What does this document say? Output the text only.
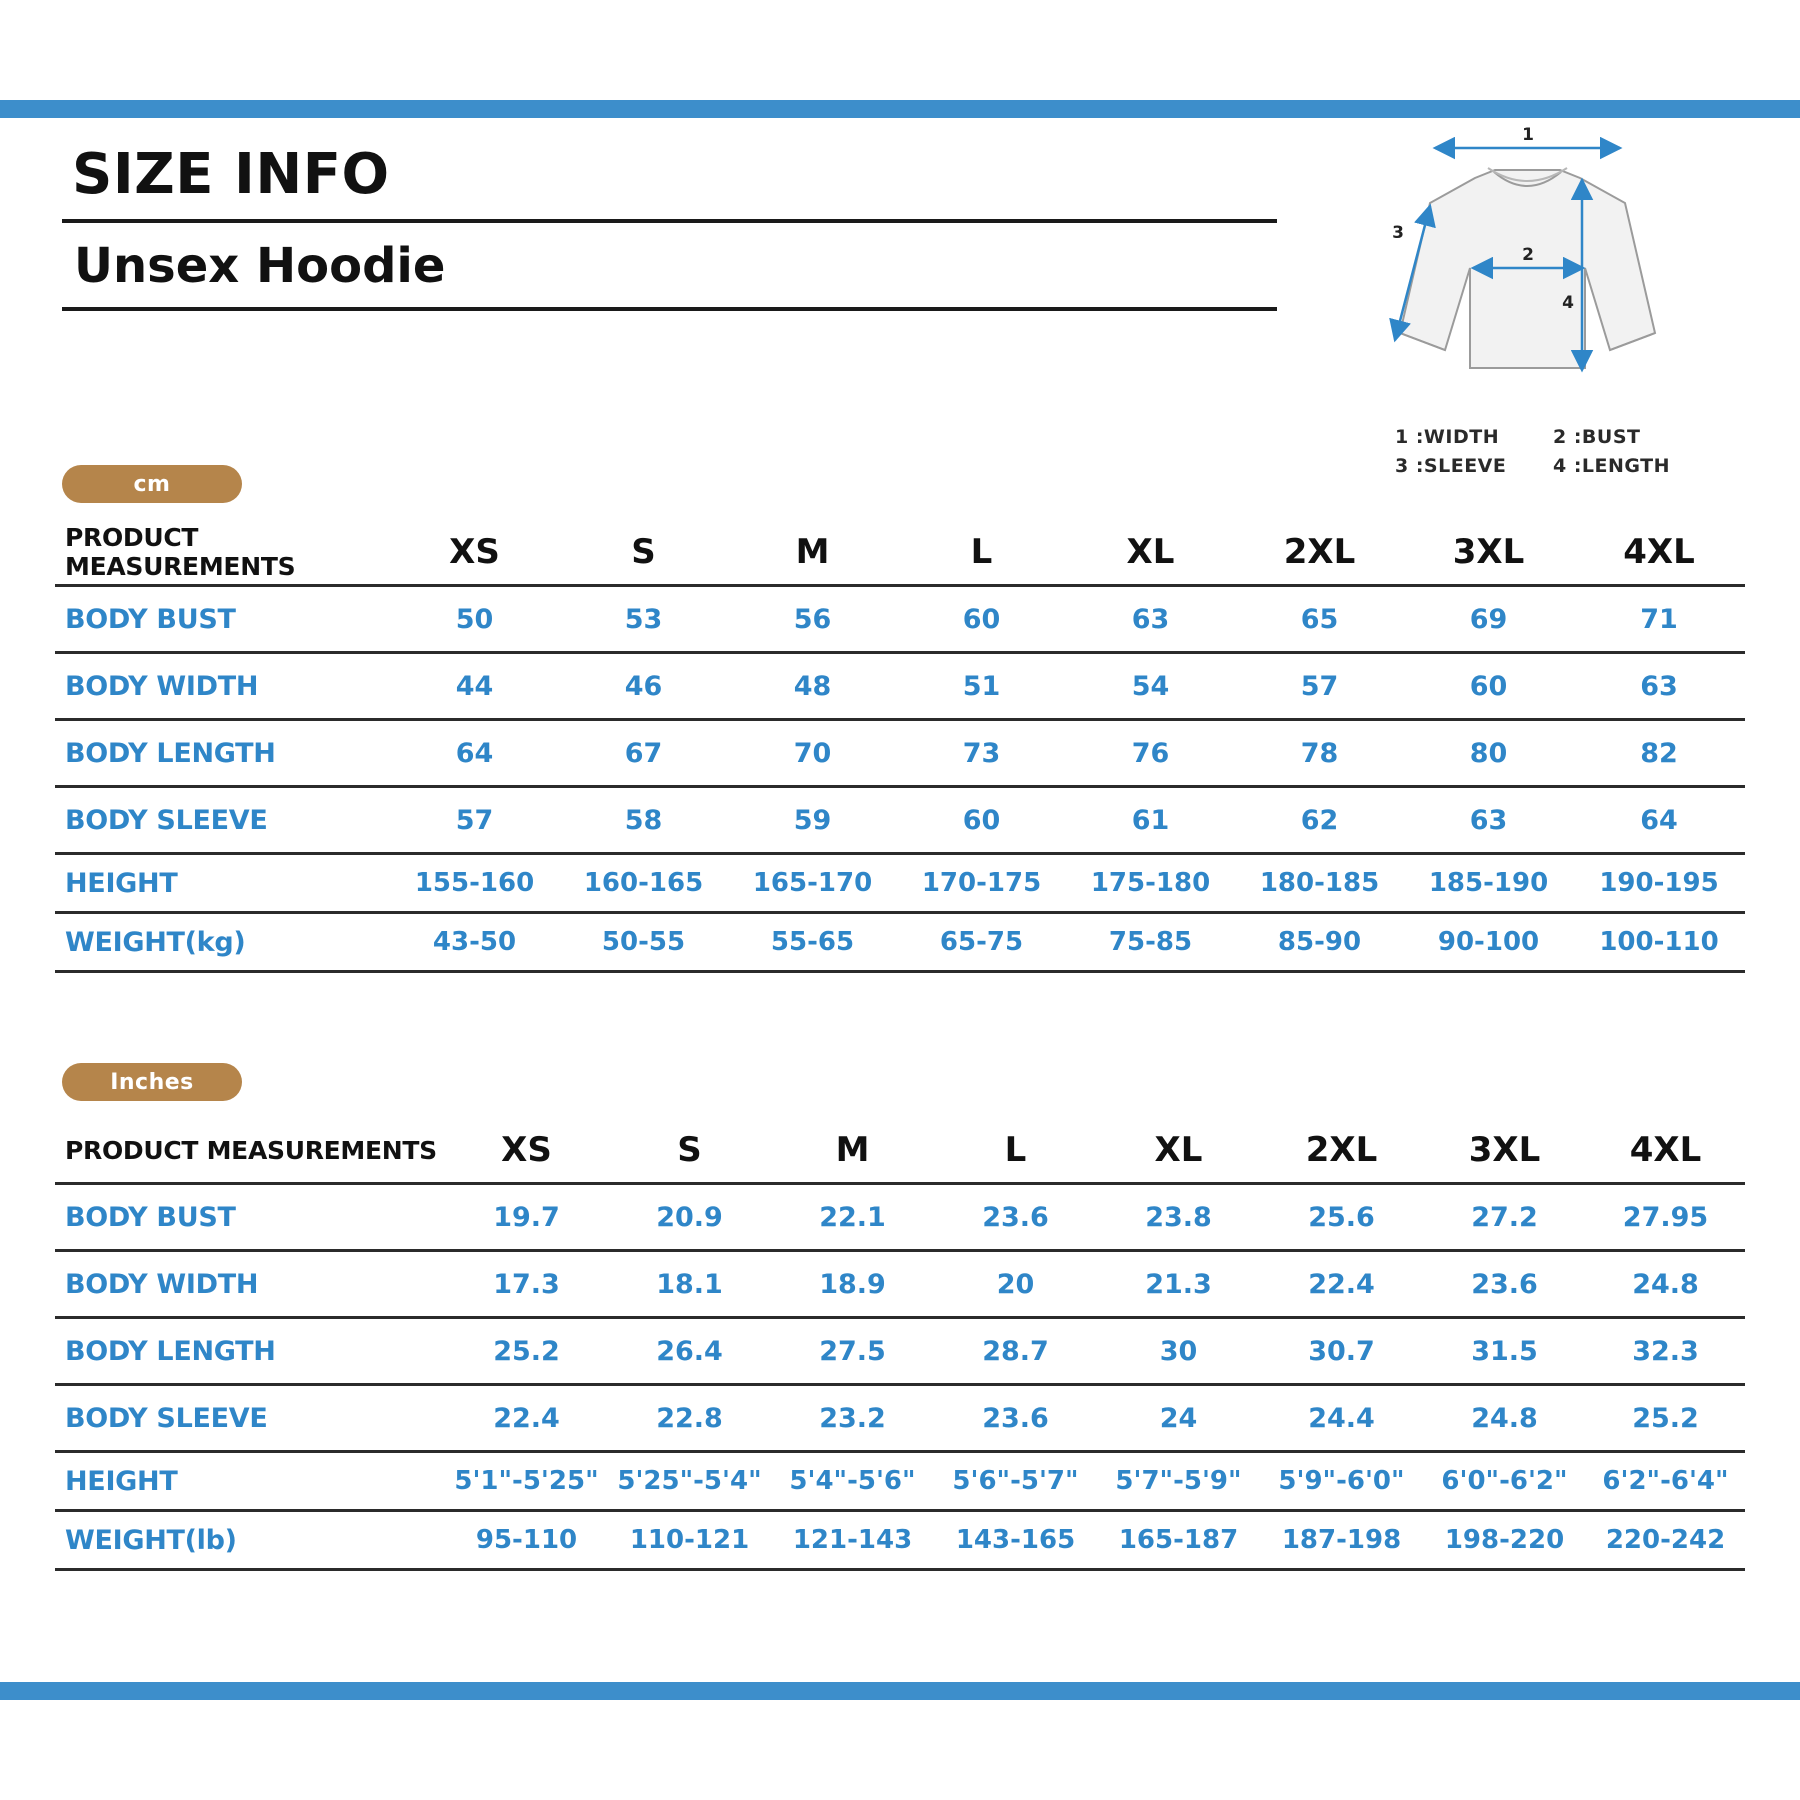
SIZE INFO
Unsex Hoodie
1
2
3
4
1 :WIDTH	2 :BUST
3 :SLEEVE	4 :LENGTH
cm
PRODUCT MEASUREMENTS	XS	S	M	L	XL	2XL	3XL	4XL
BODY BUST	50	53	56	60	63	65	69	71
BODY WIDTH	44	46	48	51	54	57	60	63
BODY LENGTH	64	67	70	73	76	78	80	82
BODY SLEEVE	57	58	59	60	61	62	63	64
HEIGHT	155-160	160-165	165-170	170-175	175-180	180-185	185-190	190-195
WEIGHT(kg)	43-50	50-55	55-65	65-75	75-85	85-90	90-100	100-110
Inches
PRODUCT MEASUREMENTS	XS	S	M	L	XL	2XL	3XL	4XL
BODY BUST	19.7	20.9	22.1	23.6	23.8	25.6	27.2	27.95
BODY WIDTH	17.3	18.1	18.9	20	21.3	22.4	23.6	24.8
BODY LENGTH	25.2	26.4	27.5	28.7	30	30.7	31.5	32.3
BODY SLEEVE	22.4	22.8	23.2	23.6	24	24.4	24.8	25.2
HEIGHT	5'1"-5'25"	5'25"-5'4"	5'4"-5'6"	5'6"-5'7"	5'7"-5'9"	5'9"-6'0"	6'0"-6'2"	6'2"-6'4"
WEIGHT(lb)	95-110	110-121	121-143	143-165	165-187	187-198	198-220	220-242
